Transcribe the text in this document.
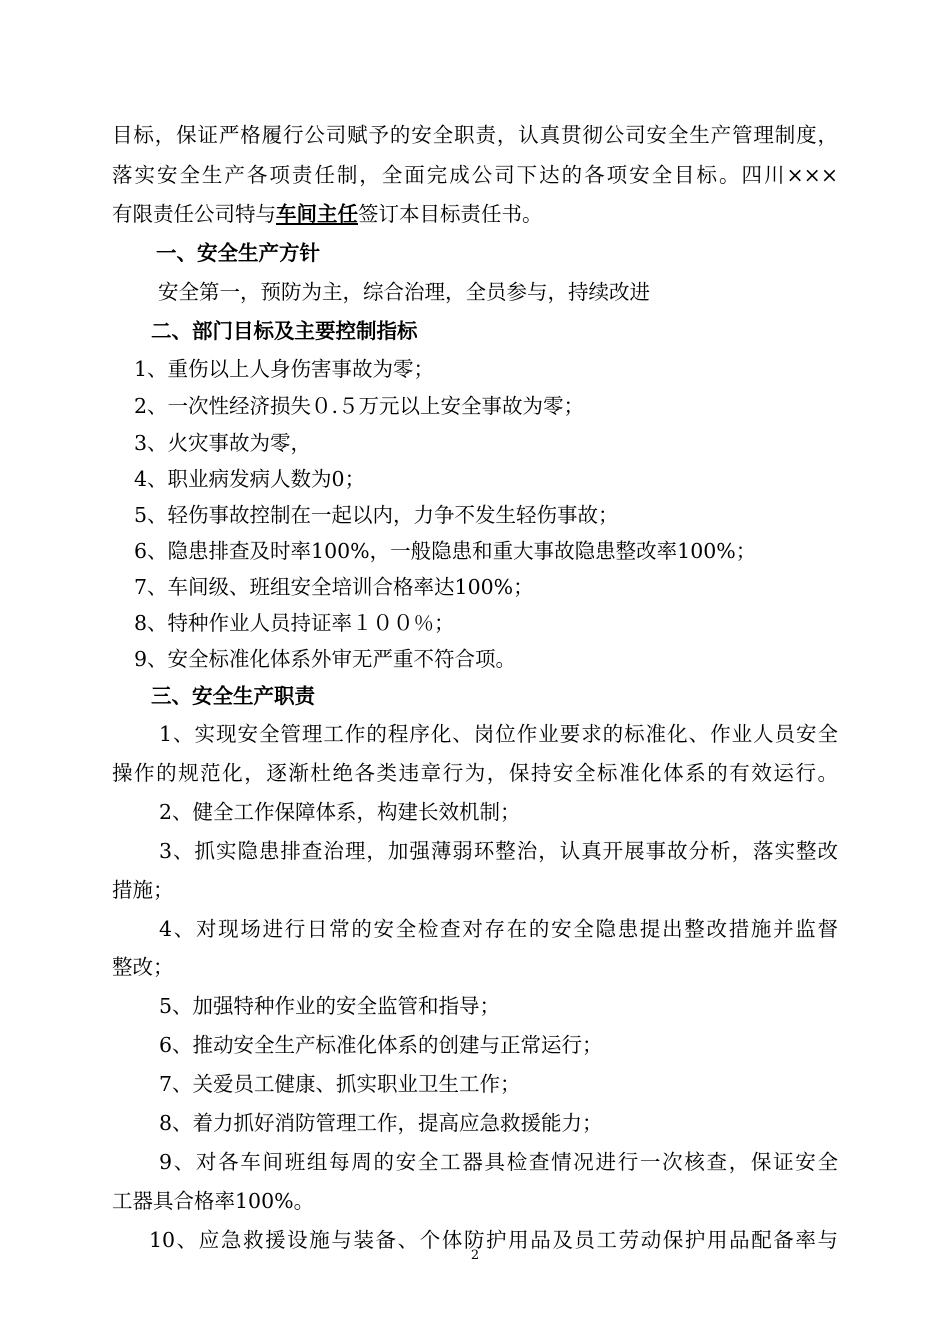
目标，保证严格履行公司赋予的安全职责，认真贯彻公司安全生产管理制度，
落实安全生产各项责任制，全面完成公司下达的各项安全目标。四川×××
有限责任公司特与车间主任签订本目标责任书。
一、安全生产方针
安全第一，预防为主，综合治理，全员参与，持续改进
二、部门目标及主要控制指标
1、重伤以上人身伤害事故为零；
2、一次性经济损失０.５万元以上安全事故为零；
3、火灾事故为零，
4、职业病发病人数为0；
5、轻伤事故控制在一起以内，力争不发生轻伤事故；
6、隐患排查及时率100%，一般隐患和重大事故隐患整改率100%；
7、车间级、班组安全培训合格率达100%；
8、特种作业人员持证率１００％；
9、安全标准化体系外审无严重不符合项。
三、安全生产职责
1、实现安全管理工作的程序化、岗位作业要求的标准化、作业人员安全
操作的规范化，逐渐杜绝各类违章行为，保持安全标准化体系的有效运行。
2、健全工作保障体系，构建长效机制；
3、抓实隐患排查治理，加强薄弱环整治，认真开展事故分析，落实整改
措施；
4、对现场进行日常的安全检查对存在的安全隐患提出整改措施并监督
整改；
5、加强特种作业的安全监管和指导；
6、推动安全生产标准化体系的创建与正常运行；
7、关爱员工健康、抓实职业卫生工作；
8、着力抓好消防管理工作，提高应急救援能力；
9、对各车间班组每周的安全工器具检查情况进行一次核查，保证安全
工器具合格率100%。
10、应急救援设施与装备、个体防护用品及员工劳动保护用品配备率与
2
